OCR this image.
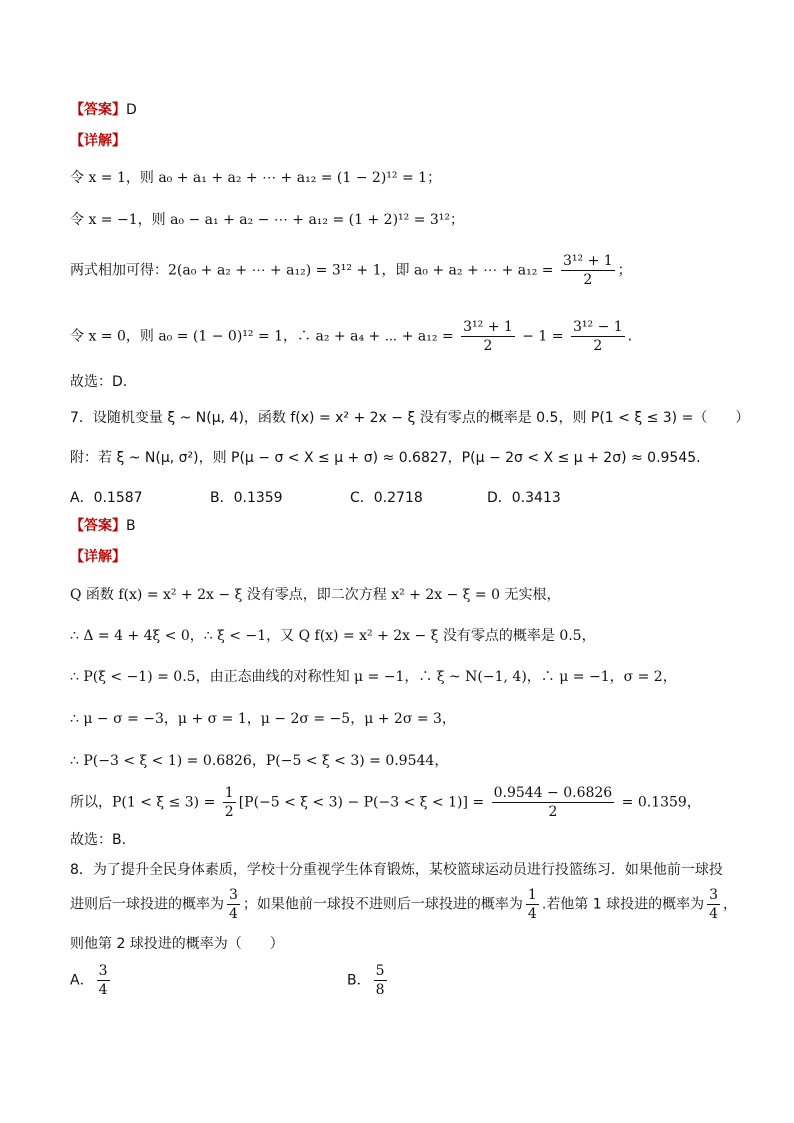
【答案】D
【详解】
令 x = 1，则 a₀ + a₁ + a₂ + ⋯ + a₁₂ = (1 − 2)¹² = 1；
令 x = −1，则 a₀ − a₁ + a₂ − ⋯ + a₁₂ = (1 + 2)¹² = 3¹²；
两式相加可得：2(a₀ + a₂ + ⋯ + a₁₂) = 3¹² + 1，即 a₀ + a₂ + ⋯ + $a_{12} = \frac{\text{3¹² + 1}}{2}$ ；
令 x = 0，则 a₀ = (1 − 0)¹² = 1，∴ a₂ + a₄ + ⋯ + $a_{12} = \frac{\text{3¹² + 1}}{2} - 1 = \frac{\text{3¹² − 1}}{2}$ .
故选：D.
7．设随机变量 ξ ~ N(μ, 4)，函数 f(x) = x² + 2x − ξ 没有零点的概率是 0.5，则 P(1 < ξ ≤ 3) =（　　）
附：若 ξ ~ N(μ, σ²)，则 P(μ − σ < X ≤ μ + σ) ≈ 0.6827，P(μ − 2σ < X ≤ μ + 2σ) ≈ 0.9545.
A．0.1587	B．0.1359	C．0.2718	D．0.3413
【答案】B
【详解】
Q 函数 f(x) = x² + 2x − ξ 没有零点，即二次方程 x² + 2x − ξ = 0 无实根，
∴ Δ = 4 + 4ξ < 0，∴ ξ < −1，又 Q f(x) = x² + 2x − ξ 没有零点的概率是 0.5，
∴ P(ξ < −1) = 0.5，由正态曲线的对称性知 μ = −1，∴ ξ ~ N(−1, 4)，∴ μ = −1，σ = 2，
∴ μ − σ = −3，μ + σ = 1，μ − 2σ = −5，μ + 2σ = 3，
∴ P(−3 < ξ < 1) = 0.6826，P(−5 < ξ < 3) = 0.9544，
所以，$P(1 < \xi \le 3) = \frac{1}{2} [P(-5 < \xi < 3) - P(-3 < \xi < 1)] = \frac{0.9544 - 0.6826}{2} = 0.1359$，
故选：B.
8．为了提升全民身体素质，学校十分重视学生体育锻炼，某校篮球运动员进行投篮练习．如果他前一球投
进则后一球投进的概率为 $\frac{3}{4}$ ；如果他前一球投不进则后一球投进的概率为 $\frac{1}{4}$ .若他第 1 球投进的概率为 $\frac{3}{4}$ ，
则他第 2 球投进的概率为（　　）
A． $\frac{3}{4}$	B． $\frac{5}{8}$
